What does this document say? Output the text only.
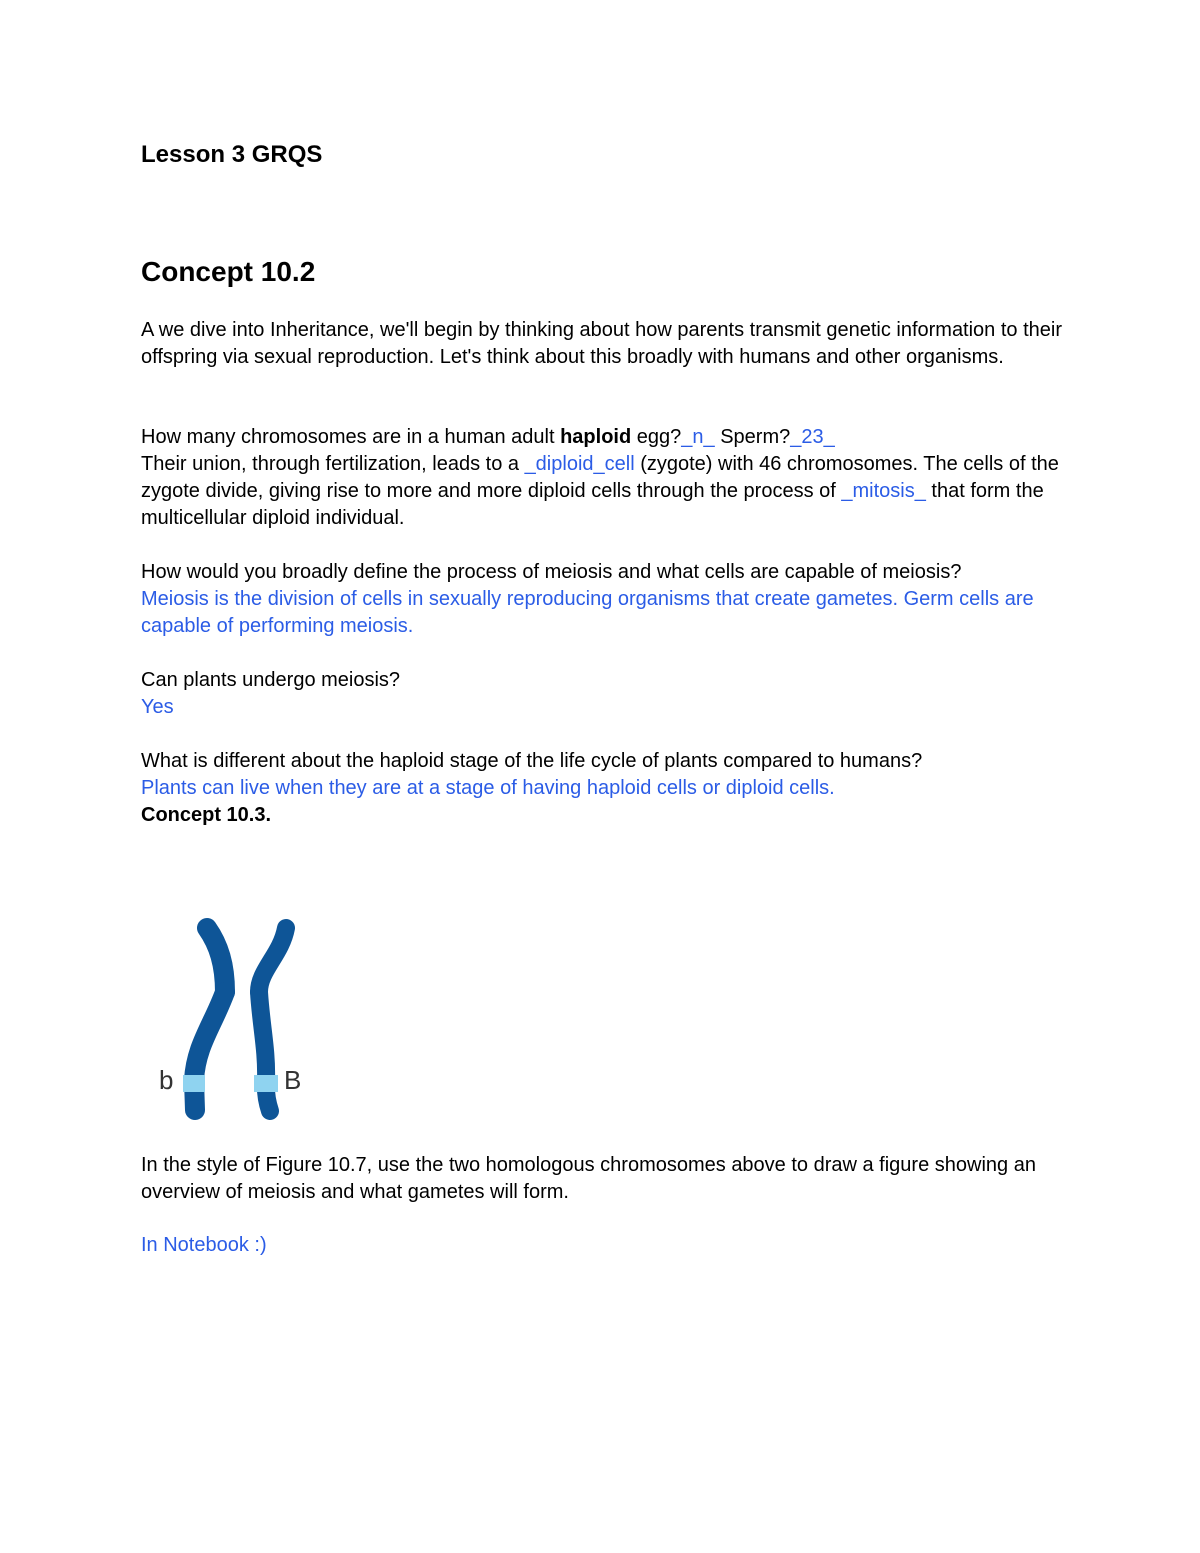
Lesson 3 GRQS
Concept 10.2

A we dive into Inheritance, we'll begin by thinking about how parents transmit genetic information to their offspring via sexual reproduction. Let's think about this broadly with humans and other organisms.

How many chromosomes are in a human adult haploid egg?_n_ Sperm?_23_
Their union, through fertilization, leads to a _diploid_cell (zygote) with 46 chromosomes. The cells of the zygote divide, giving rise to more and more diploid cells through the process of _mitosis_ that form the multicellular diploid individual.

How would you broadly define the process of meiosis and what cells are capable of meiosis?

Meiosis is the division of cells in sexually reproducing organisms that create gametes. Germ cells are capable of performing meiosis.

Can plants undergo meiosis?

Yes

What is different about the haploid stage of the life cycle of plants compared to humans?

Plants can live when they are at a stage of having haploid cells or diploid cells.

Concept 10.3.

b	B

In the style of Figure 10.7, use the two homologous chromosomes above to draw a figure showing an overview of meiosis and what gametes will form.

In Notebook :)
